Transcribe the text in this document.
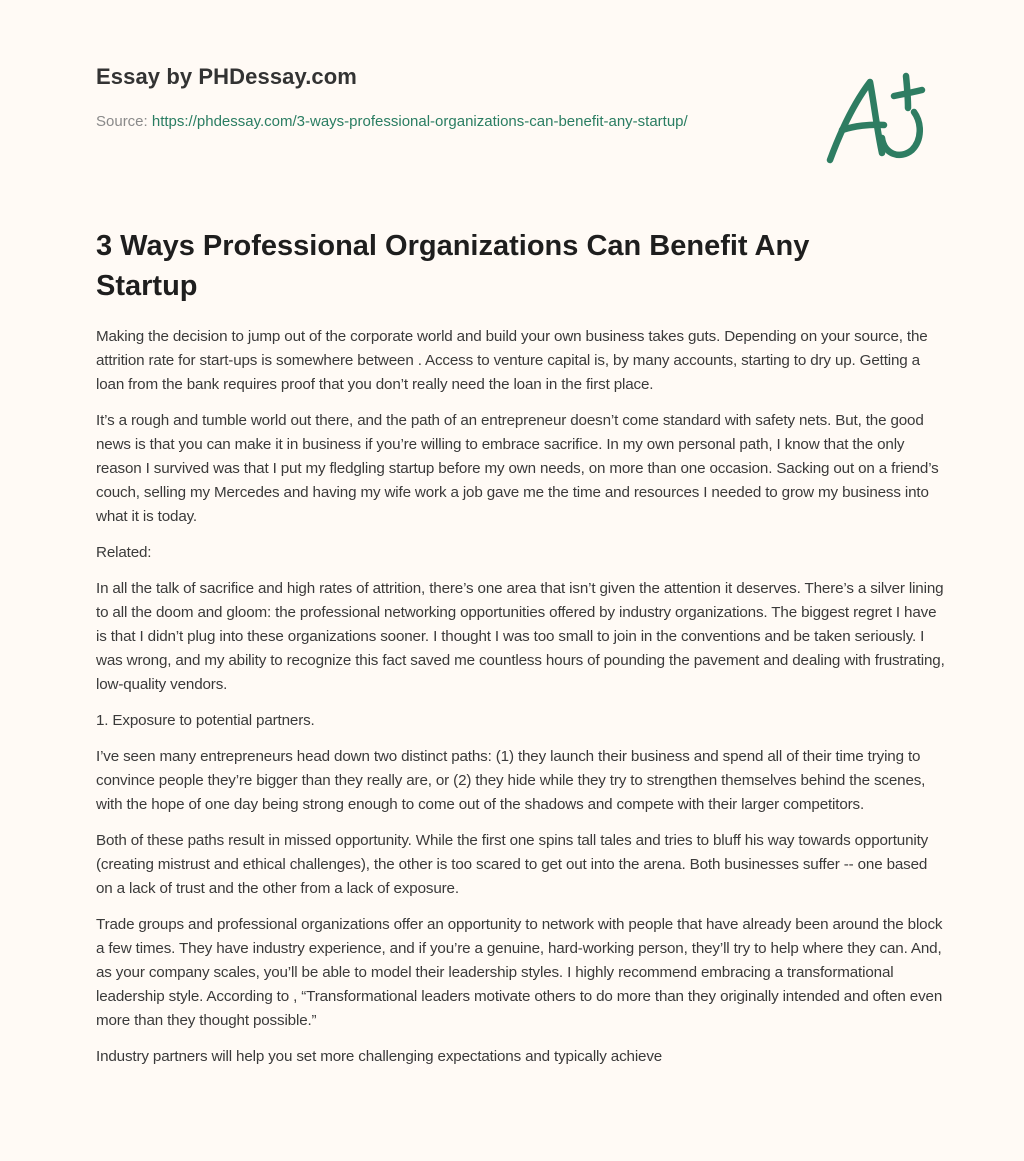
Essay by PHDessay.com
Source: https://phdessay.com/3-ways-professional-organizations-can-benefit-any-startup/
3 Ways Professional Organizations Can Benefit Any Startup

Making the decision to jump out of the corporate world and build your own business takes guts. Depending on your source, the attrition rate for start-ups is somewhere between . Access to venture capital is, by many accounts, starting to dry up. Getting a loan from the bank requires proof that you don’t really need the loan in the first place.

It’s a rough and tumble world out there, and the path of an entrepreneur doesn’t come standard with safety nets. But, the good news is that you can make it in business if you’re willing to embrace sacrifice. In my own personal path, I know that the only reason I survived was that I put my fledgling startup before my own needs, on more than one occasion. Sacking out on a friend’s couch, selling my Mercedes and having my wife work a job gave me the time and resources I needed to grow my business into what it is today.

Related:

In all the talk of sacrifice and high rates of attrition, there’s one area that isn’t given the attention it deserves. There’s a silver lining to all the doom and gloom: the professional networking opportunities offered by industry organizations. The biggest regret I have is that I didn’t plug into these organizations sooner. I thought I was too small to join in the conventions and be taken seriously. I was wrong, and my ability to recognize this fact saved me countless hours of pounding the pavement and dealing with frustrating, low-quality vendors.

1. Exposure to potential partners.

I’ve seen many entrepreneurs head down two distinct paths: (1) they launch their business and spend all of their time trying to convince people they’re bigger than they really are, or (2) they hide while they try to strengthen themselves behind the scenes, with the hope of one day being strong enough to come out of the shadows and compete with their larger competitors.

Both of these paths result in missed opportunity. While the first one spins tall tales and tries to bluff his way towards opportunity (creating mistrust and ethical challenges), the other is too scared to get out into the arena. Both businesses suffer -- one based on a lack of trust and the other from a lack of exposure.

Trade groups and professional organizations offer an opportunity to network with people that have already been around the block a few times. They have industry experience, and if you’re a genuine, hard-working person, they’ll try to help where they can. And, as your company scales, you’ll be able to model their leadership styles. I highly recommend embracing a transformational leadership style. According to , “Transformational leaders motivate others to do more than they originally intended and often even more than they thought possible.”

Industry partners will help you set more challenging expectations and typically achieve
